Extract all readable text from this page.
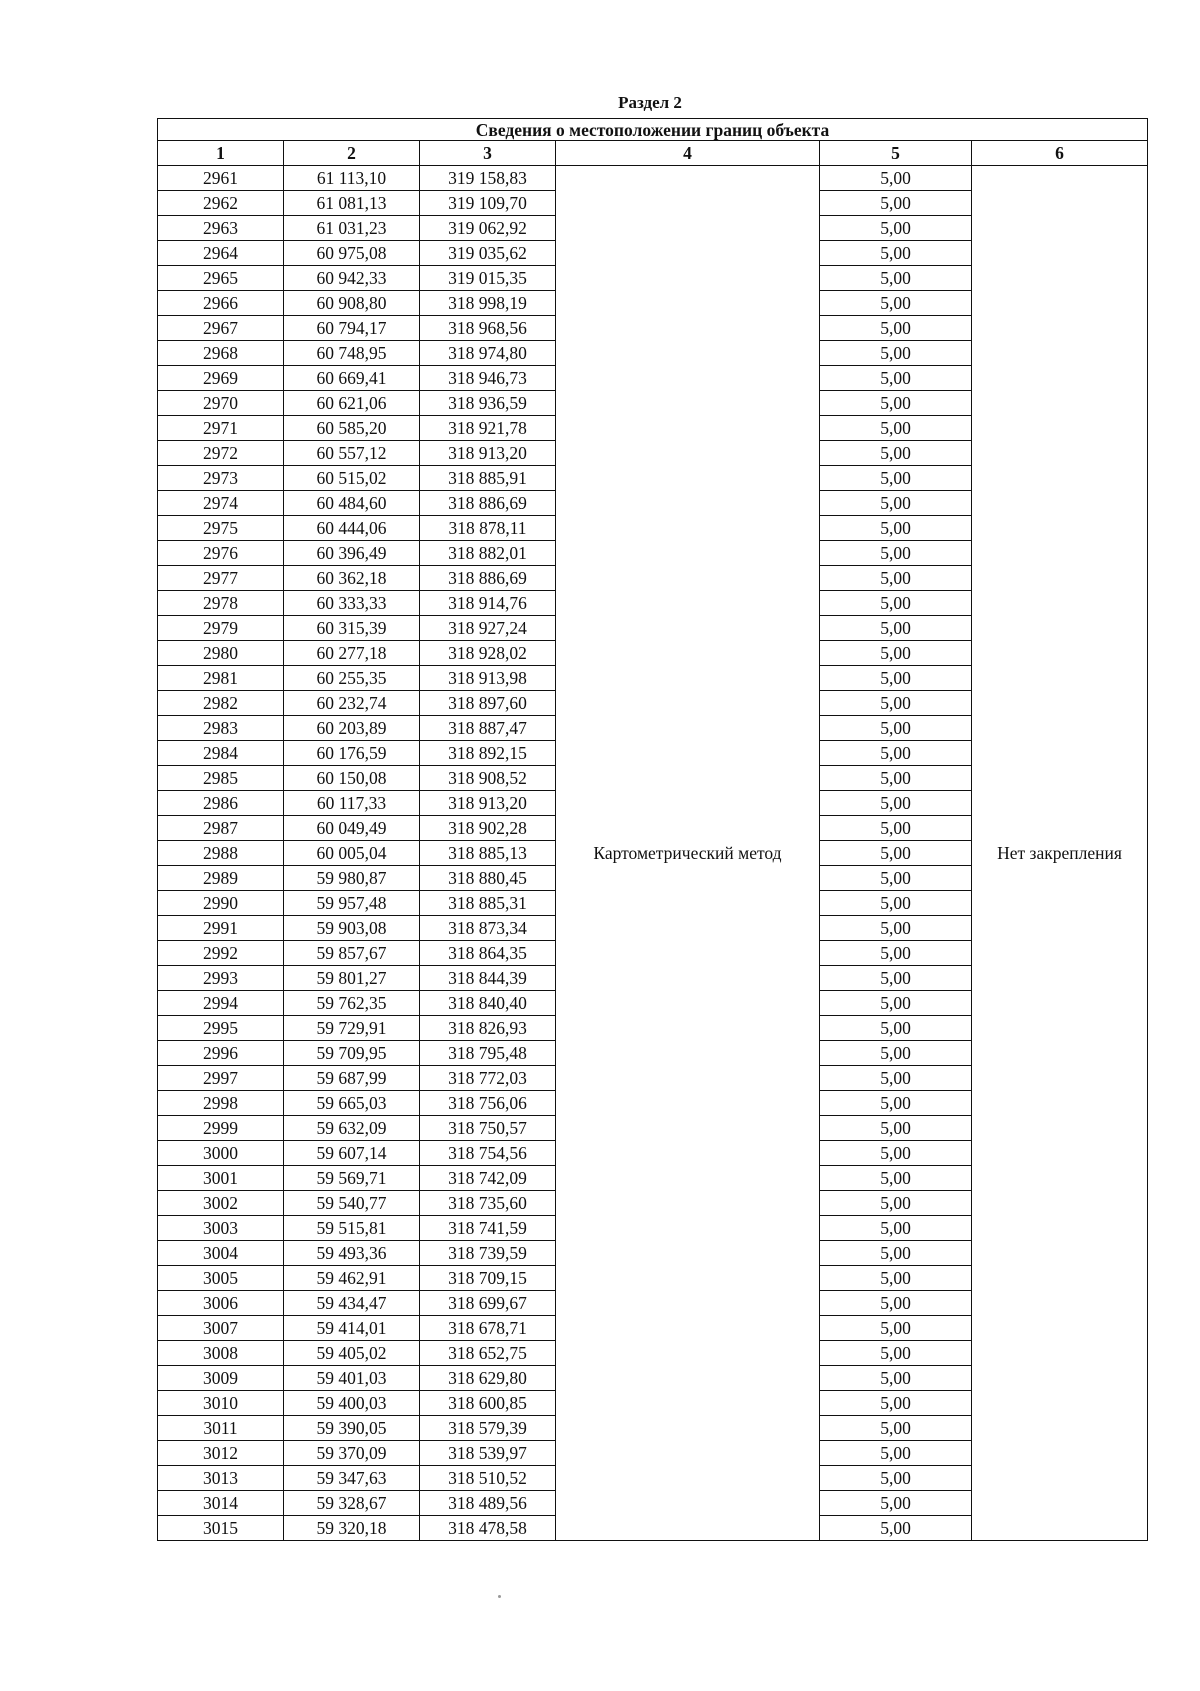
Раздел 2
Сведения о местоположении границ объекта					
1	2	3	4	5	6
2961	61 113,10	319 158,83	Картометрический метод	5,00	Нет закрепления
2962	61 081,13	319 109,70		5,00	
2963	61 031,23	319 062,92		5,00	
2964	60 975,08	319 035,62		5,00	
2965	60 942,33	319 015,35		5,00	
2966	60 908,80	318 998,19		5,00	
2967	60 794,17	318 968,56		5,00	
2968	60 748,95	318 974,80		5,00	
2969	60 669,41	318 946,73		5,00	
2970	60 621,06	318 936,59		5,00	
2971	60 585,20	318 921,78		5,00	
2972	60 557,12	318 913,20		5,00	
2973	60 515,02	318 885,91		5,00	
2974	60 484,60	318 886,69		5,00	
2975	60 444,06	318 878,11		5,00	
2976	60 396,49	318 882,01		5,00	
2977	60 362,18	318 886,69		5,00	
2978	60 333,33	318 914,76		5,00	
2979	60 315,39	318 927,24		5,00	
2980	60 277,18	318 928,02		5,00	
2981	60 255,35	318 913,98		5,00	
2982	60 232,74	318 897,60		5,00	
2983	60 203,89	318 887,47		5,00	
2984	60 176,59	318 892,15		5,00	
2985	60 150,08	318 908,52		5,00	
2986	60 117,33	318 913,20		5,00	
2987	60 049,49	318 902,28		5,00	
2988	60 005,04	318 885,13		5,00	
2989	59 980,87	318 880,45		5,00	
2990	59 957,48	318 885,31		5,00	
2991	59 903,08	318 873,34		5,00	
2992	59 857,67	318 864,35		5,00	
2993	59 801,27	318 844,39		5,00	
2994	59 762,35	318 840,40		5,00	
2995	59 729,91	318 826,93		5,00	
2996	59 709,95	318 795,48		5,00	
2997	59 687,99	318 772,03		5,00	
2998	59 665,03	318 756,06		5,00	
2999	59 632,09	318 750,57		5,00	
3000	59 607,14	318 754,56		5,00	
3001	59 569,71	318 742,09		5,00	
3002	59 540,77	318 735,60		5,00	
3003	59 515,81	318 741,59		5,00	
3004	59 493,36	318 739,59		5,00	
3005	59 462,91	318 709,15		5,00	
3006	59 434,47	318 699,67		5,00	
3007	59 414,01	318 678,71		5,00	
3008	59 405,02	318 652,75		5,00	
3009	59 401,03	318 629,80		5,00	
3010	59 400,03	318 600,85		5,00	
3011	59 390,05	318 579,39		5,00	
3012	59 370,09	318 539,97		5,00	
3013	59 347,63	318 510,52		5,00	
3014	59 328,67	318 489,56		5,00	
3015	59 320,18	318 478,58		5,00	
